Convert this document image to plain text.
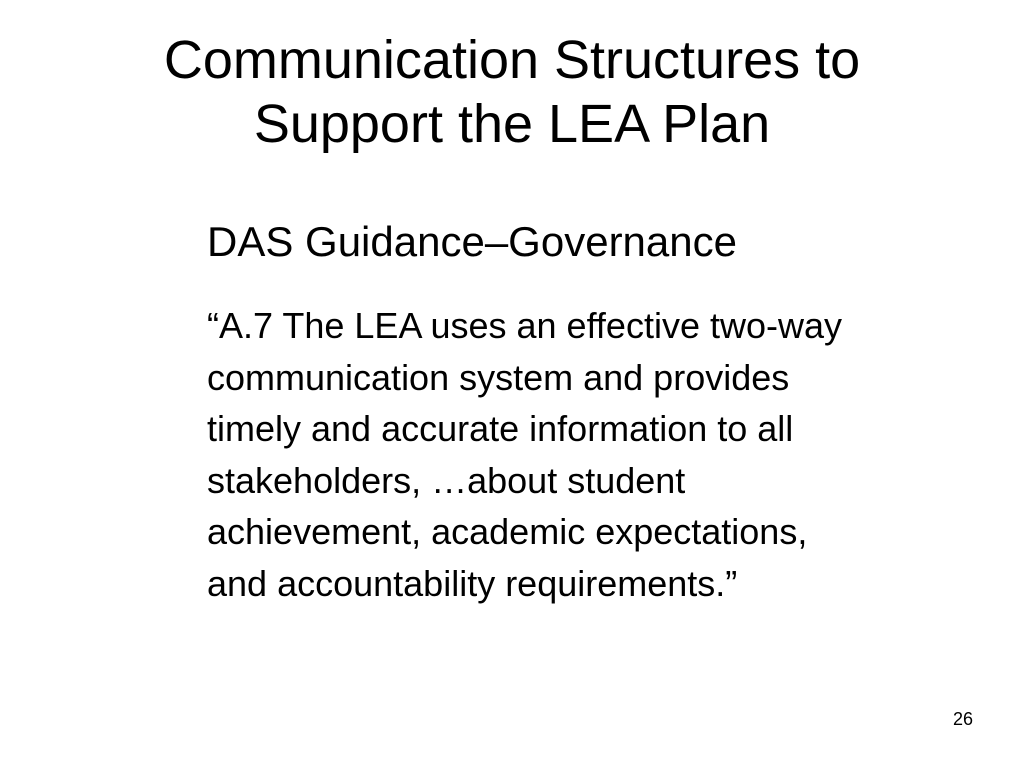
Communication Structures to
Support the LEA Plan
DAS Guidance–Governance
“A.7 The LEA uses an effective two-way
communication system and provides
timely and accurate information to all
stakeholders, …about student
achievement, academic expectations,
and accountability requirements.”
26
